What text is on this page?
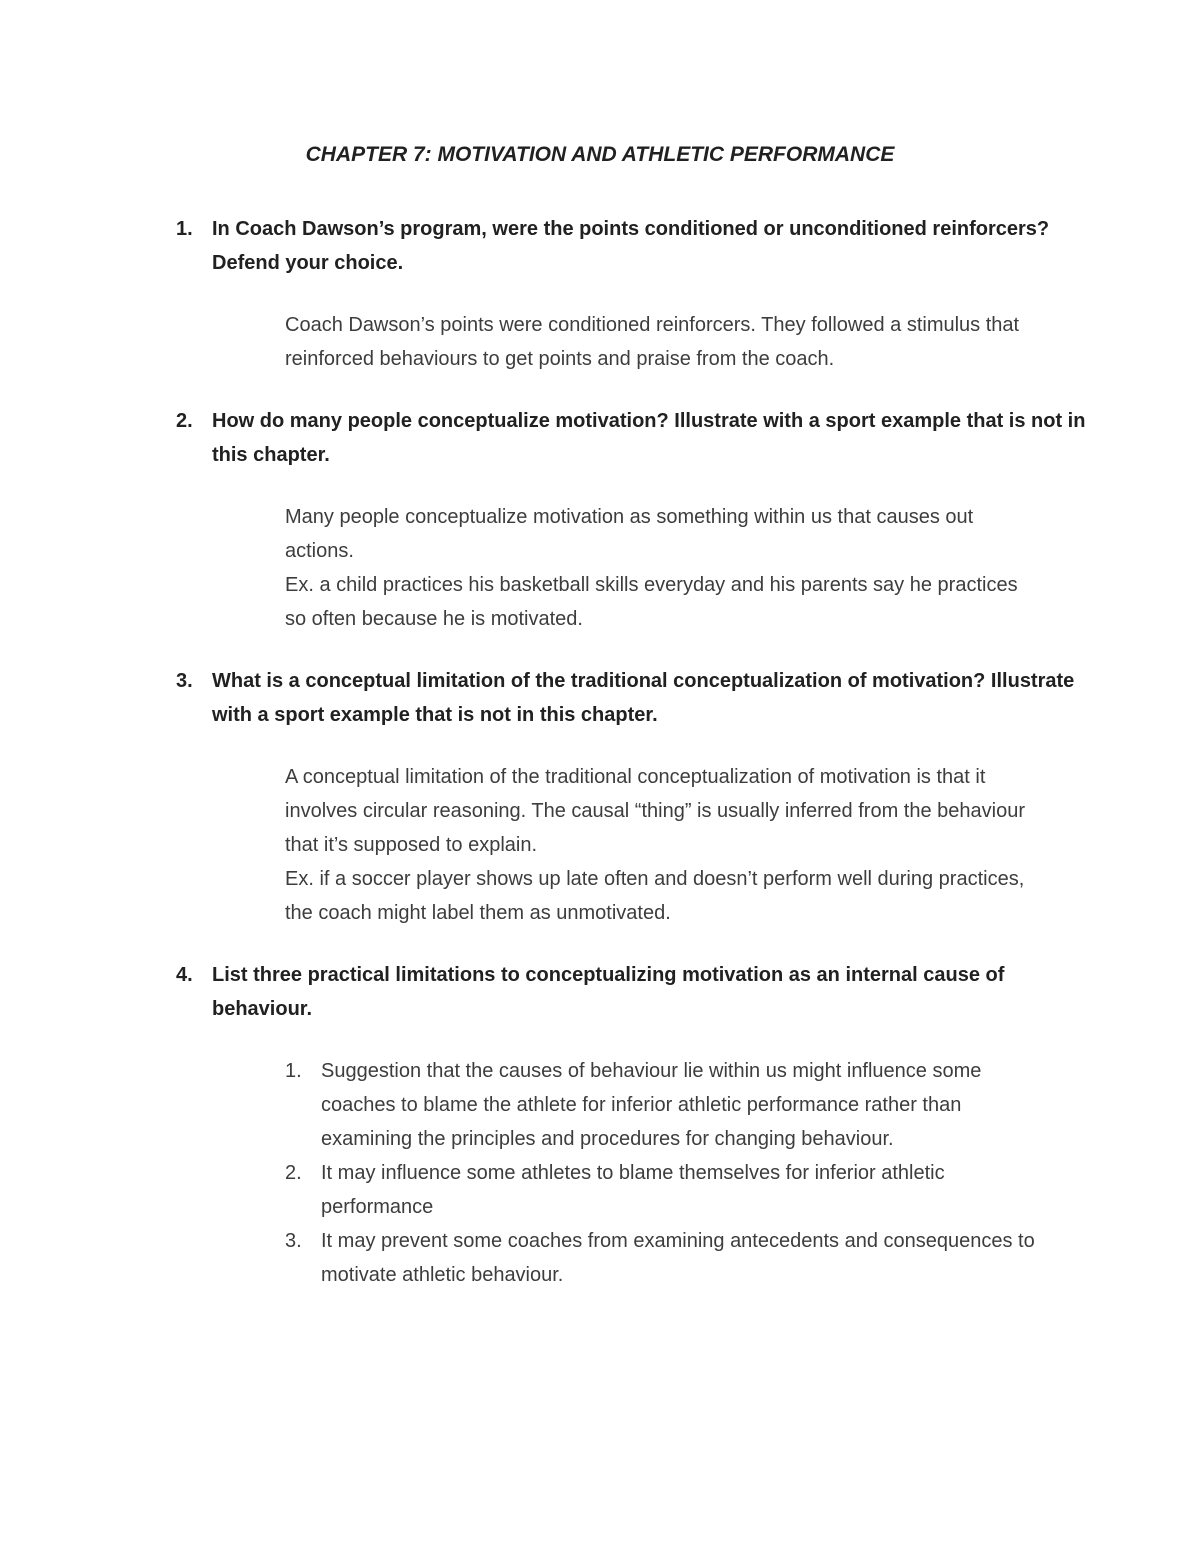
CHAPTER 7: MOTIVATION AND ATHLETIC PERFORMANCE
1. In Coach Dawson’s program, were the points conditioned or unconditioned reinforcers? Defend your choice.

Coach Dawson’s points were conditioned reinforcers. They followed a stimulus that reinforced behaviours to get points and praise from the coach.

2. How do many people conceptualize motivation? Illustrate with a sport example that is not in this chapter.

Many people conceptualize motivation as something within us that causes out actions.

Ex. a child practices his basketball skills everyday and his parents say he practices so often because he is motivated.

3. What is a conceptual limitation of the traditional conceptualization of motivation? Illustrate with a sport example that is not in this chapter.

A conceptual limitation of the traditional conceptualization of motivation is that it involves circular reasoning. The causal “thing” is usually inferred from the behaviour that it’s supposed to explain.

Ex. if a soccer player shows up late often and doesn’t perform well during practices, the coach might label them as unmotivated.

4. List three practical limitations to conceptualizing motivation as an internal cause of behaviour.

1. Suggestion that the causes of behaviour lie within us might influence some coaches to blame the athlete for inferior athletic performance rather than examining the principles and procedures for changing behaviour.

2. It may influence some athletes to blame themselves for inferior athletic performance

3. It may prevent some coaches from examining antecedents and consequences to motivate athletic behaviour.
